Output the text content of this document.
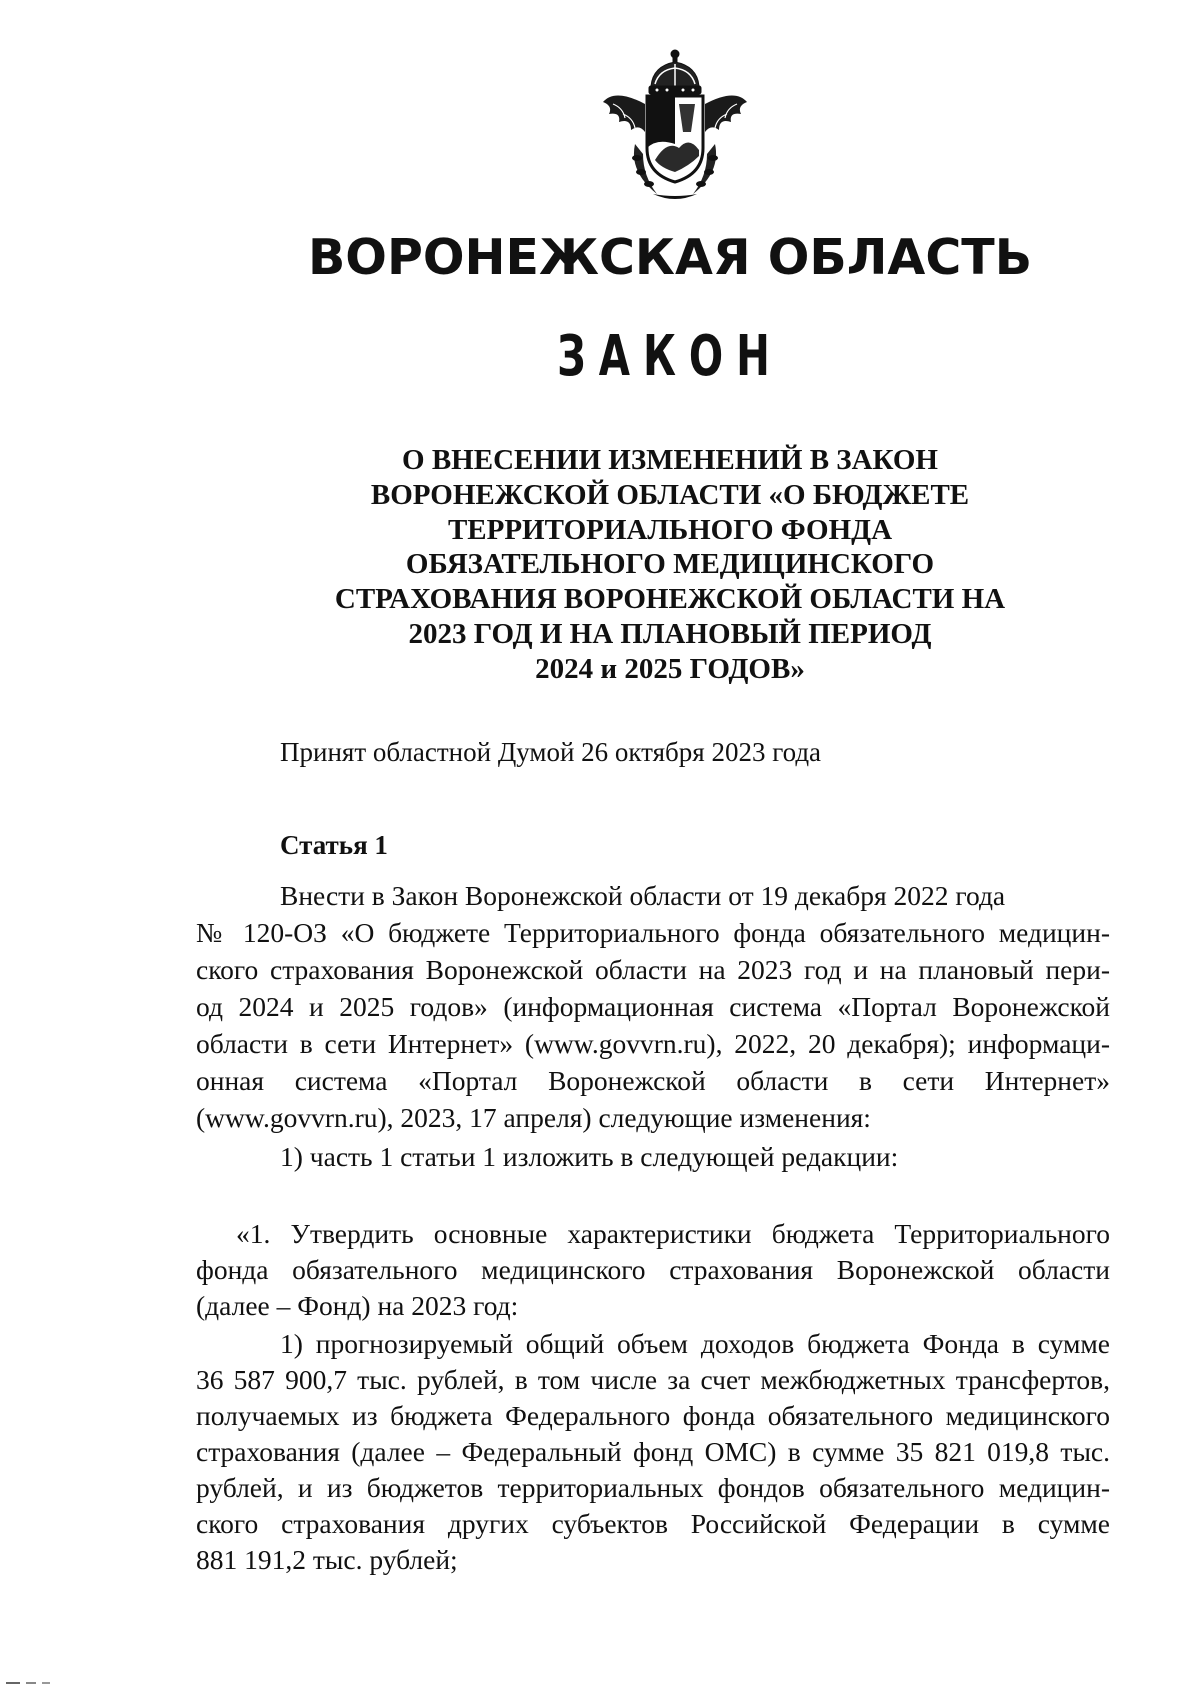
ВОРОНЕЖСКАЯ ОБЛАСТЬ
ЗАКОН
О ВНЕСЕНИИ ИЗМЕНЕНИЙ В ЗАКОН
ВОРОНЕЖСКОЙ ОБЛАСТИ «О БЮДЖЕТЕ
ТЕРРИТОРИАЛЬНОГО ФОНДА
ОБЯЗАТЕЛЬНОГО МЕДИЦИНСКОГО
СТРАХОВАНИЯ ВОРОНЕЖСКОЙ ОБЛАСТИ НА
2023 ГОД И НА ПЛАНОВЫЙ ПЕРИОД
2024 и 2025 ГОДОВ»
Принят областной Думой 26 октября 2023 года
Статья 1
Внести в Закон Воронежской области от 19 декабря 2022 года
№ 120-ОЗ «О бюджете Территориального фонда обязательного медицин-
ского страхования Воронежской области на 2023 год и на плановый пери-
од 2024 и 2025 годов» (информационная система «Портал Воронежской
области в сети Интернет» (www.govvrn.ru), 2022, 20 декабря); информаци-
онная система «Портал Воронежской области в сети Интернет»
(www.govvrn.ru), 2023, 17 апреля) следующие изменения:
1) часть 1 статьи 1 изложить в следующей редакции:
«1. Утвердить основные характеристики бюджета Территориального
фонда обязательного медицинского страхования Воронежской области
(далее – Фонд) на 2023 год:
1) прогнозируемый общий объем доходов бюджета Фонда в сумме
36 587 900,7 тыс. рублей, в том числе за счет межбюджетных трансфертов,
получаемых из бюджета Федерального фонда обязательного медицинского
страхования (далее – Федеральный фонд ОМС) в сумме 35 821 019,8 тыс.
рублей, и из бюджетов территориальных фондов обязательного медицин-
ского страхования других субъектов Российской Федерации в сумме
881 191,2 тыс. рублей;
